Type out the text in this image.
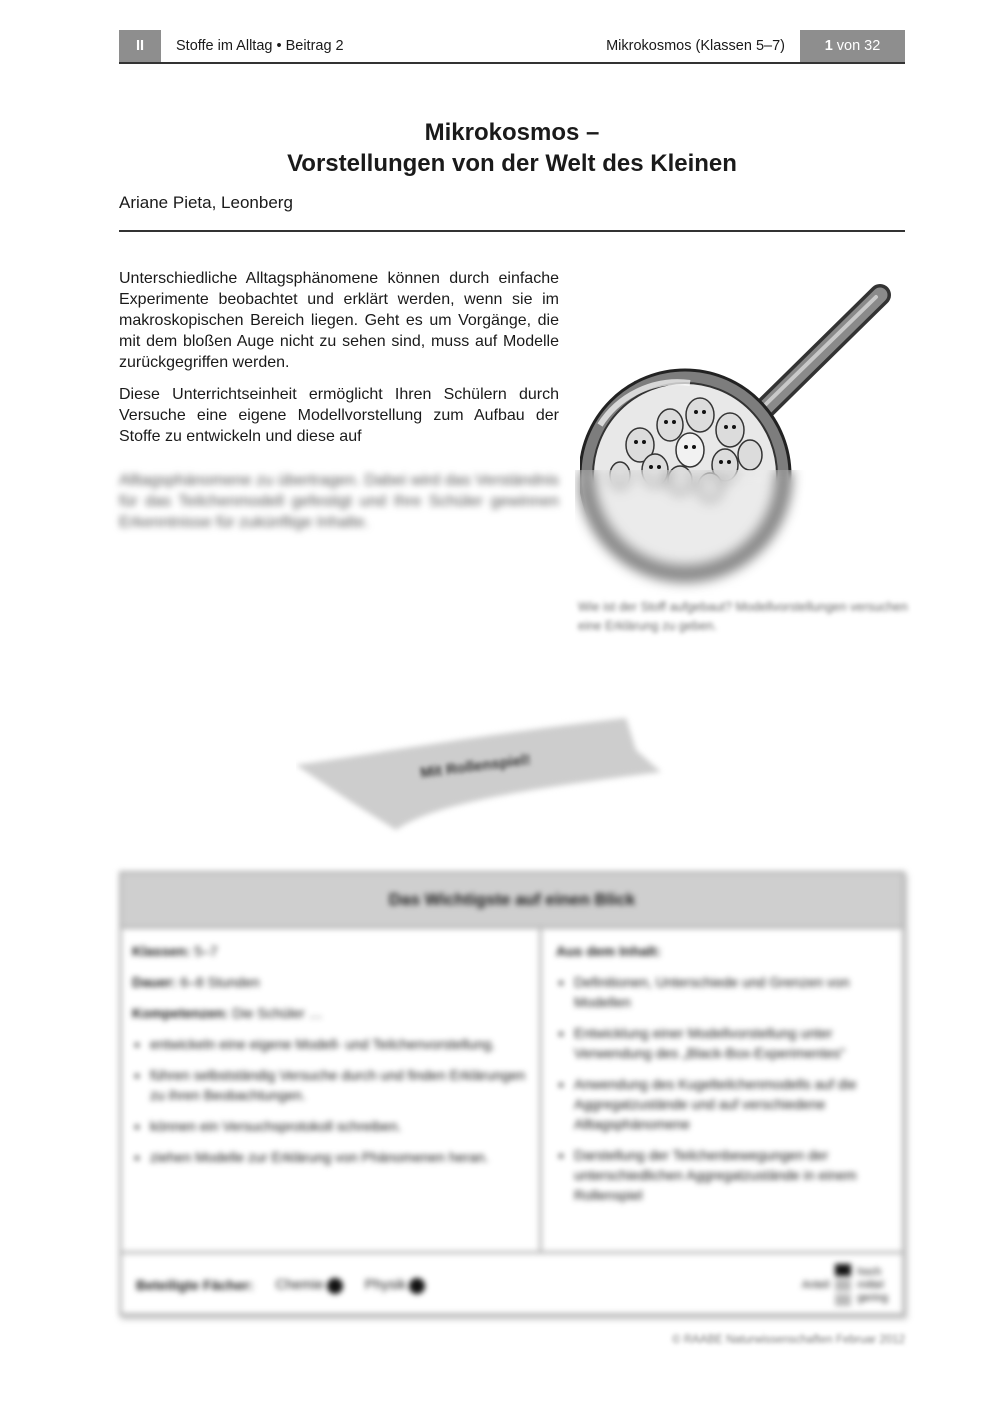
II	Stoffe im Alltag • Beitrag 2	Mikrokosmos (Klassen 5–7)	1 von 32
Mikrokosmos –
Vorstellungen von der Welt des Kleinen
Ariane Pieta, Leonberg

Unterschiedliche Alltagsphänomene können durch einfache Experimente beobachtet und erklärt werden, wenn sie im makroskopischen Bereich liegen. Geht es um Vorgänge, die mit dem bloßen Auge nicht zu sehen sind, muss auf Modelle zurückgegriffen werden.

Diese Unterrichtseinheit ermöglicht Ihren Schülern durch Versuche eine eigene Modellvorstellung zum Aufbau der Stoffe zu entwickeln und diese auf

Alltagsphänomene zu übertragen. Dabei wird das Verständnis für das Teilchenmodell gefestigt und Ihre Schüler gewinnen Erkenntnisse für zukünftige Inhalte.
Wie ist der Stoff aufgebaut? Modellvorstellungen versuchen eine Erklärung zu geben.
Mit Rollenspiel!
Das Wichtigste auf einen Blick

Klassen: 5–7

Dauer: 6–8 Stunden

Kompetenzen: Die Schüler …

• entwickeln eine eigene Modell- und Teilchenvorstellung.
• führen selbstständig Versuche durch und finden Erklärungen zu ihren Beobachtungen.
• können ein Versuchsprotokoll schreiben.
• ziehen Modelle zur Erklärung von Phänomenen heran.

Aus dem Inhalt:

• Definitionen, Unterschiede und Grenzen von Modellen
• Entwicklung einer Modellvorstellung unter Verwendung des „Black-Box-Experimentes"
• Anwendung des Kugelteilchenmodells auf die Aggregatzustände und auf verschiedene Alltagsphänomene
• Darstellung der Teilchenbewegungen der unterschiedlichen Aggregatzustände in einem Rollenspiel
Beteiligte Fächer: Chemie	Physik	Anteil
hoch
mittel
gering
© RAABE Naturwissenschaften Februar 2012
